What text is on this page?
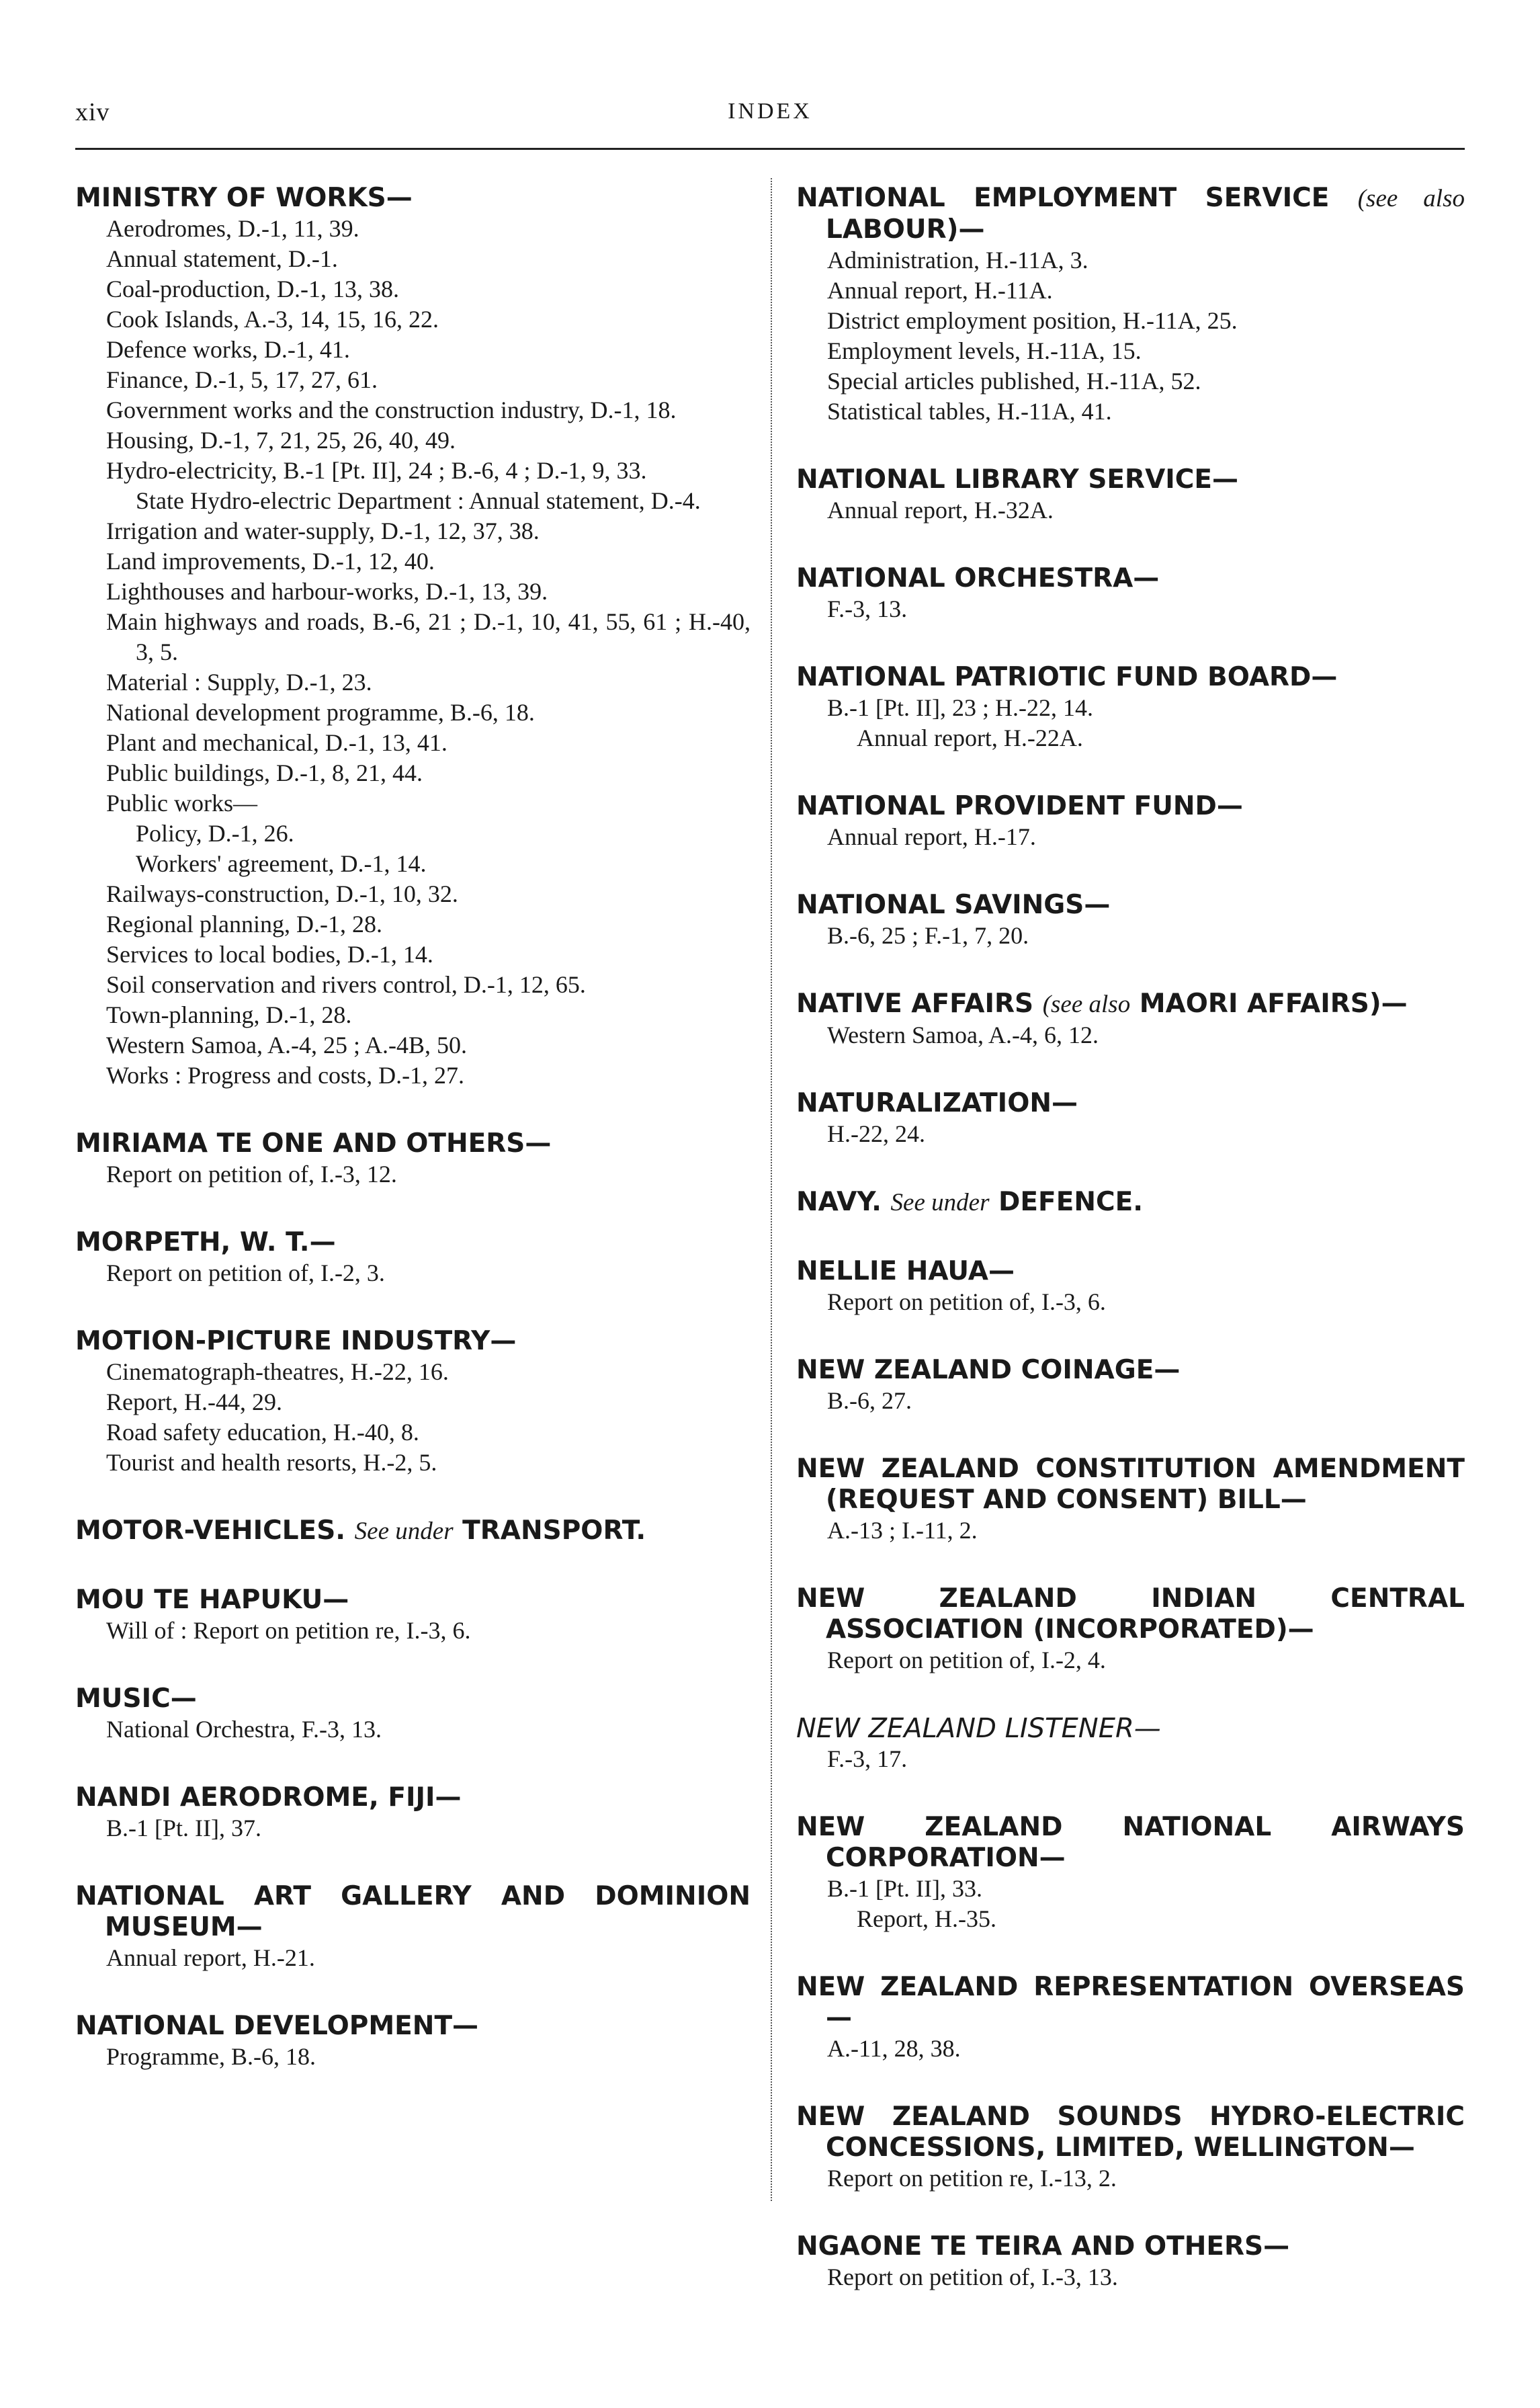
xiv	INDEX
MINISTRY OF WORKS—
Aerodromes, D.-1, 11, 39.
Annual statement, D.-1.
Coal-production, D.-1, 13, 38.
Cook Islands, A.-3, 14, 15, 16, 22.
Defence works, D.-1, 41.
Finance, D.-1, 5, 17, 27, 61.
Government works and the construction industry, D.-1, 18.
Housing, D.-1, 7, 21, 25, 26, 40, 49.
Hydro-electricity, B.-1 [Pt. II], 24 ; B.-6, 4 ; D.-1, 9, 33.
State Hydro-electric Department : Annual statement, D.-4.
Irrigation and water-supply, D.-1, 12, 37, 38.
Land improvements, D.-1, 12, 40.
Lighthouses and harbour-works, D.-1, 13, 39.
Main highways and roads, B.-6, 21 ; D.-1, 10, 41, 55, 61 ; H.-40, 3, 5.
Material : Supply, D.-1, 23.
National development programme, B.-6, 18.
Plant and mechanical, D.-1, 13, 41.
Public buildings, D.-1, 8, 21, 44.
Public works—
Policy, D.-1, 26.
Workers' agreement, D.-1, 14.
Railways-construction, D.-1, 10, 32.
Regional planning, D.-1, 28.
Services to local bodies, D.-1, 14.
Soil conservation and rivers control, D.-1, 12, 65.
Town-planning, D.-1, 28.
Western Samoa, A.-4, 25 ; A.-4B, 50.
Works : Progress and costs, D.-1, 27.
MIRIAMA TE ONE AND OTHERS—
Report on petition of, I.-3, 12.
MORPETH, W. T.—
Report on petition of, I.-2, 3.
MOTION-PICTURE INDUSTRY—
Cinematograph-theatres, H.-22, 16.
Report, H.-44, 29.
Road safety education, H.-40, 8.
Tourist and health resorts, H.-2, 5.
MOTOR-VEHICLES. See under TRANSPORT.
MOU TE HAPUKU—
Will of : Report on petition re, I.-3, 6.
MUSIC—
National Orchestra, F.-3, 13.
NANDI AERODROME, FIJI—
B.-1 [Pt. II], 37.
NATIONAL ART GALLERY AND DOMINION MUSEUM—
Annual report, H.-21.
NATIONAL DEVELOPMENT—
Programme, B.-6, 18.
NATIONAL EMPLOYMENT SERVICE (see also LABOUR)—
Administration, H.-11A, 3.
Annual report, H.-11A.
District employment position, H.-11A, 25.
Employment levels, H.-11A, 15.
Special articles published, H.-11A, 52.
Statistical tables, H.-11A, 41.
NATIONAL LIBRARY SERVICE—
Annual report, H.-32A.
NATIONAL ORCHESTRA—
F.-3, 13.
NATIONAL PATRIOTIC FUND BOARD—
B.-1 [Pt. II], 23 ; H.-22, 14.
Annual report, H.-22A.
NATIONAL PROVIDENT FUND—
Annual report, H.-17.
NATIONAL SAVINGS—
B.-6, 25 ; F.-1, 7, 20.
NATIVE AFFAIRS (see also MAORI AFFAIRS)—
Western Samoa, A.-4, 6, 12.
NATURALIZATION—
H.-22, 24.
NAVY. See under DEFENCE.
NELLIE HAUA—
Report on petition of, I.-3, 6.
NEW ZEALAND COINAGE—
B.-6, 27.
NEW ZEALAND CONSTITUTION AMENDMENT (REQUEST AND CONSENT) BILL—
A.-13 ; I.-11, 2.
NEW ZEALAND INDIAN CENTRAL ASSOCIATION (INCORPORATED)—
Report on petition of, I.-2, 4.
NEW ZEALAND LISTENER—
F.-3, 17.
NEW ZEALAND NATIONAL AIRWAYS CORPORATION—
B.-1 [Pt. II], 33.
Report, H.-35.
NEW ZEALAND REPRESENTATION OVERSEAS—
A.-11, 28, 38.
NEW ZEALAND SOUNDS HYDRO-ELECTRIC CONCESSIONS, LIMITED, WELLINGTON—
Report on petition re, I.-13, 2.
NGAONE TE TEIRA AND OTHERS—
Report on petition of, I.-3, 13.
